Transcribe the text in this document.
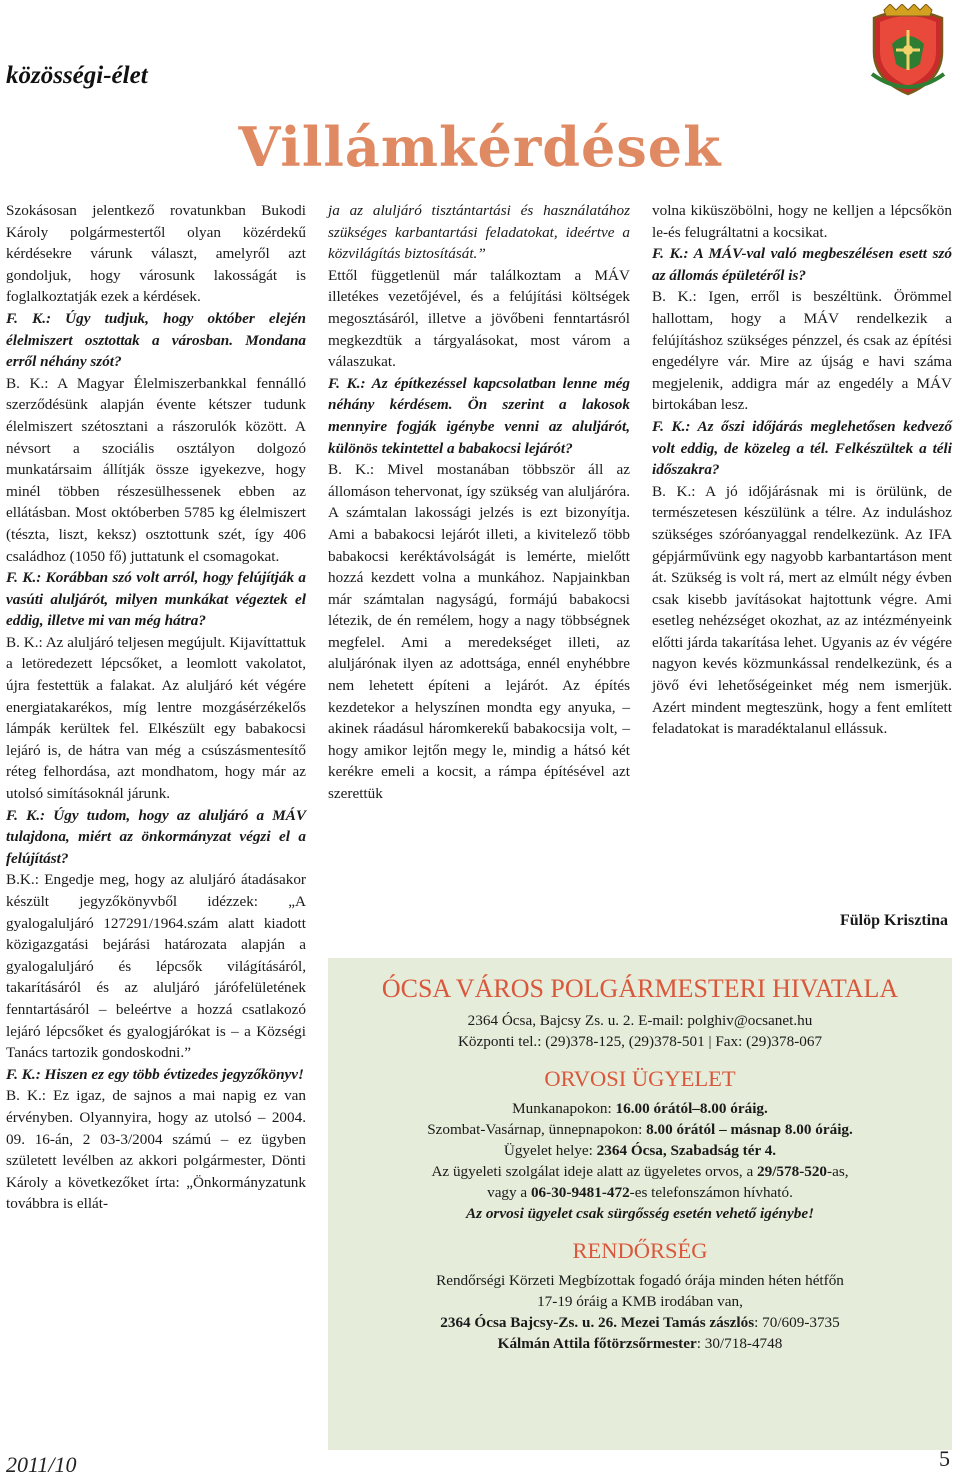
közösségi-élet
Villámkérdések

Szokásosan jelentkező rovatunkban Bukodi Károly polgármestertől olyan közérdekű kérdésekre várunk választ, amelyről azt gondoljuk, hogy városunk lakosságát is foglalkoztatják ezek a kérdések.

F. K.: Úgy tudjuk, hogy október elején élelmiszert osztottak a városban. Mondana erről néhány szót?

B. K.: A Magyar Élelmiszerbankkal fennálló szerződésünk alapján évente kétszer tudunk élelmiszert szétosztani a rászorulók között. A névsort a szociális osztályon dolgozó munkatársaim állítják össze igyekezve, hogy minél többen részesülhessenek ebben az ellátásban. Most októberben 5785 kg élelmiszert (tészta, liszt, keksz) osztottunk szét, így 406 családhoz (1050 fő) juttatunk el csomagokat.

F. K.: Korábban szó volt arról, hogy felújítják a vasúti aluljárót, milyen munkákat végeztek el eddig, illetve mi van még hátra?

B. K.: Az aluljáró teljesen megújult. Kijavíttattuk a letöredezett lépcsőket, a leomlott vakolatot, újra festettük a falakat. Az aluljáró két végére energiatakarékos, míg lentre mozgásérzékelős lámpák kerültek fel. Elkészült egy babakocsi lejáró is, de hátra van még a csúszásmentesítő réteg felhordása, azt mondhatom, hogy már az utolsó simításoknál járunk.

F. K.: Úgy tudom, hogy az aluljáró a MÁV tulajdona, miért az önkormányzat végzi el a felújítást?

B.K.: Engedje meg, hogy az aluljáró átadásakor készült jegyzőkönyvből idézzek: „A gyalogaluljáró 127291/1964.szám alatt kiadott közigazgatási bejárási határozata alapján a gyalogaluljáró és lépcsők világításáról, takarításáról és az aluljáró járófelületének fenntartásáról – beleértve a hozzá csatlakozó lejáró lépcsőket és gyalogjárókat is – a Községi Tanács tartozik gondoskodni.”

F. K.: Hiszen ez egy több évtizedes jegyzőkönyv!

B. K.: Ez igaz, de sajnos a mai napig ez van érvényben. Olyannyira, hogy az utolsó – 2004. 09. 16-án, 2 03-3/2004 számú – ez ügyben született levélben az akkori polgármester, Dönti Károly a következőket írta: „Önkormányzatunk továbbra is ellát-

ja az aluljáró tisztántartási és használatához szükséges karbantartási feladatokat, ideértve a közvilágítás biztosítását.”

Ettől függetlenül már találkoztam a MÁV illetékes vezetőjével, és a felújítási költségek megosztásáról, illetve a jövőbeni fenntartásról megkezdtük a tárgyalásokat, most várom a válaszukat.

F. K.: Az építkezéssel kapcsolatban lenne még néhány kérdésem. Ön szerint a lakosok mennyire fogják igénybe venni az aluljárót, különös tekintettel a babakocsi lejárót?

B. K.: Mivel mostanában többször áll az állomáson tehervonat, így szükség van aluljáróra. A számtalan lakossági jelzés is ezt bizonyítja. Ami a babakocsi lejárót illeti, a kivitelező több babakocsi keréktávolságát is lemérte, mielőtt hozzá kezdett volna a munkához. Napjainkban már számtalan nagyságú, formájú babakocsi létezik, de én remélem, hogy a nagy többségnek megfelel. Ami a meredekséget illeti, az aluljárónak ilyen az adottsága, ennél enyhébbre nem lehetett építeni a lejárót. Az építés kezdetekor a helyszínen mondta egy anyuka, – akinek ráadásul háromkerekű babakocsija volt, – hogy amikor lejtőn megy le, mindig a hátsó két kerékre emeli a kocsit, a rámpa építésével azt szerettük

volna kiküszöbölni, hogy ne kelljen a lépcsőkön le-és felugráltatni a kocsikat.

F. K.: A MÁV-val való megbeszélésen esett szó az állomás épületéről is?

B. K.: Igen, erről is beszéltünk. Örömmel hallottam, hogy a MÁV rendelkezik a felújításhoz szükséges pénzzel, és csak az építési engedélyre vár. Mire az újság e havi száma megjelenik, addigra már az engedély a MÁV birtokában lesz.

F. K.: Az őszi időjárás meglehetősen kedvező volt eddig, de közeleg a tél. Felkészültek a téli időszakra?

B. K.: A jó időjárásnak mi is örülünk, de természetesen készülünk a télre. Az induláshoz szükséges szóróanyaggal rendelkezünk. Az IFA gépjárművünk egy nagyobb karbantartáson ment át. Szükség is volt rá, mert az elmúlt négy évben csak kisebb javításokat hajtottunk végre. Ami esetleg nehézséget okozhat, az az intézményeink előtti járda takarítása lehet. Ugyanis az év végére nagyon kevés közmunkással rendelkezünk, és a jövő évi lehetőségeinket még nem ismerjük. Azért mindent megteszünk, hogy a fent említett feladatokat is maradéktalanul ellássuk.

Fülöp Krisztina
ÓCSA VÁROS POLGÁRMESTERI HIVATALA
2364 Ócsa, Bajcsy Zs. u. 2. E-mail: polghiv@ocsanet.hu
Központi tel.: (29)378-125, (29)378-501 | Fax: (29)378-067
ORVOSI ÜGYELET
Munkanapokon: 16.00 órától–8.00 óráig.
Szombat-Vasárnap, ünnepnapokon: 8.00 órától – másnap 8.00 óráig.
Ügyelet helye: 2364 Ócsa, Szabadság tér 4.
Az ügyeleti szolgálat ideje alatt az ügyeletes orvos, a 29/578-520-as,
vagy a 06-30-9481-472-es telefonszámon hívható.
Az orvosi ügyelet csak sürgősség esetén vehető igénybe!
RENDŐRSÉG
Rendőrségi Körzeti Megbízottak fogadó órája minden héten hétfőn
17-19 óráig a KMB irodában van,
2364 Ócsa Bajcsy-Zs. u. 26. Mezei Tamás zászlós: 70/609-3735
Kálmán Attila főtörzsőrmester: 30/718-4748
2011/10	5
